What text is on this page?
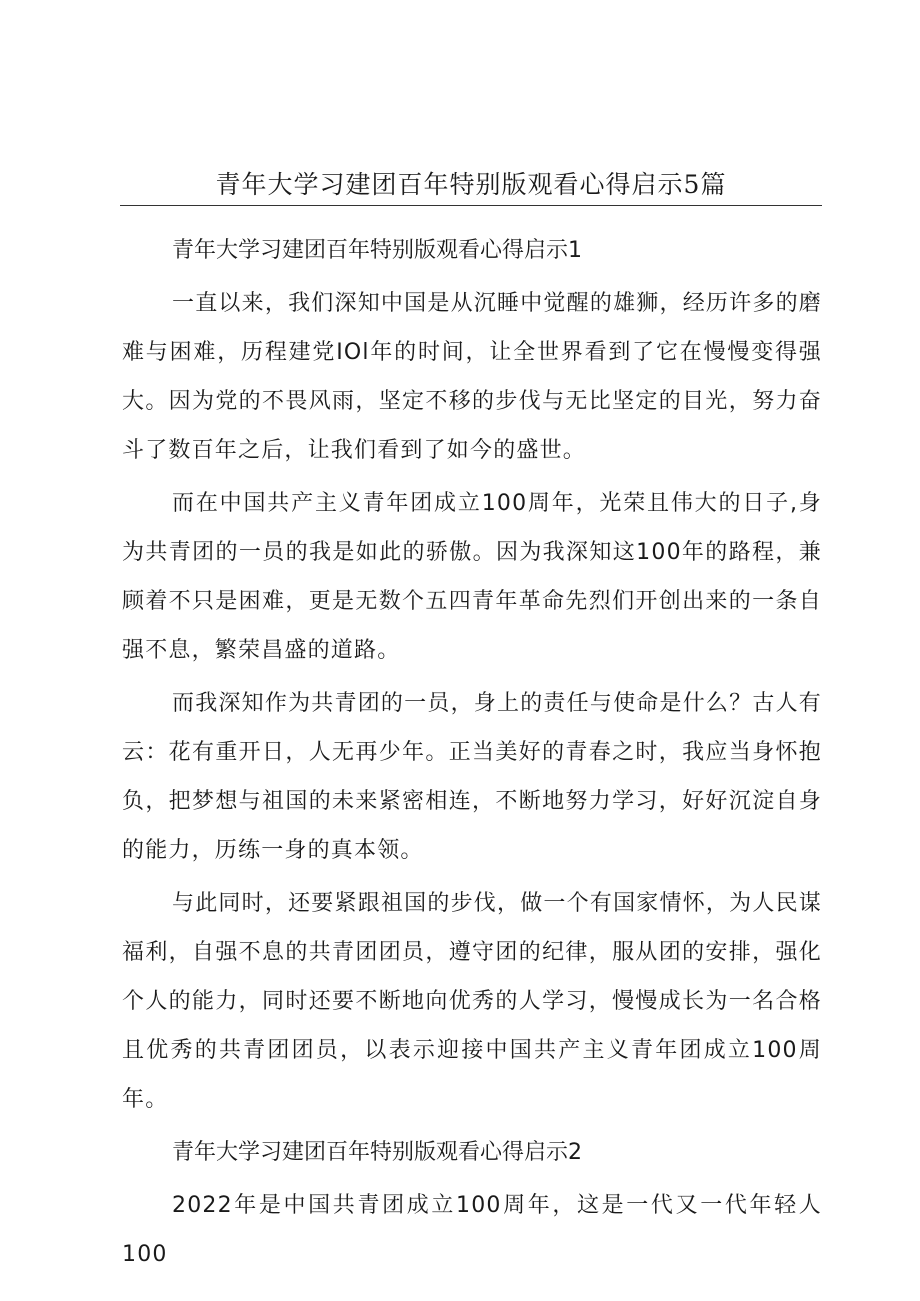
青年大学习建团百年特别版观看心得启示5篇
青年大学习建团百年特别版观看心得启示1

一直以来，我们深知中国是从沉睡中觉醒的雄狮，经历许多的磨难与困难，历程建党IOl年的时间，让全世界看到了它在慢慢变得强大。因为党的不畏风雨，坚定不移的步伐与无比坚定的目光，努力奋斗了数百年之后，让我们看到了如今的盛世。

而在中国共产主义青年团成立100周年，光荣且伟大的日子,身为共青团的一员的我是如此的骄傲。因为我深知这100年的路程，兼顾着不只是困难，更是无数个五四青年革命先烈们开创出来的一条自强不息，繁荣昌盛的道路。

而我深知作为共青团的一员，身上的责任与使命是什么？古人有云：花有重开日，人无再少年。正当美好的青春之时，我应当身怀抱负，把梦想与祖国的未来紧密相连，不断地努力学习，好好沉淀自身的能力，历练一身的真本领。

与此同时，还要紧跟祖国的步伐，做一个有国家情怀，为人民谋福利，自强不息的共青团团员，遵守团的纪律，服从团的安排，强化个人的能力，同时还要不断地向优秀的人学习，慢慢成长为一名合格且优秀的共青团团员，以表示迎接中国共产主义青年团成立100周年。

青年大学习建团百年特别版观看心得启示2

2022年是中国共青团成立100周年，这是一代又一代年轻人100
